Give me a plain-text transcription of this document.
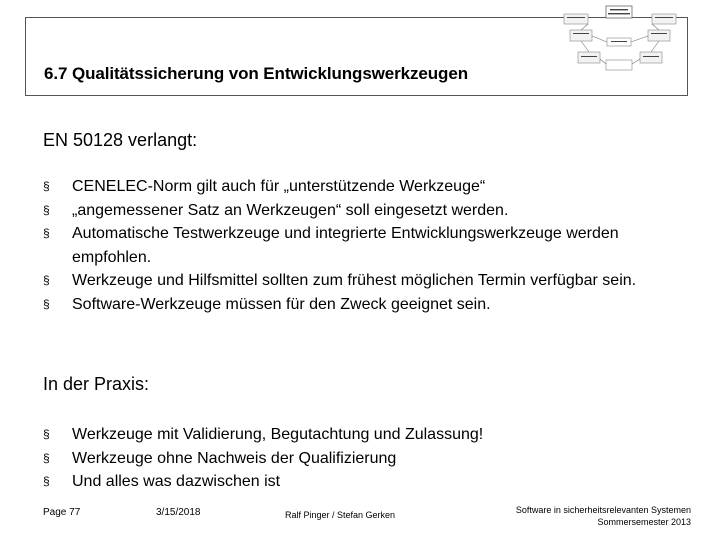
6.7 Qualitätssicherung von Entwicklungswerkzeugen
EN 50128 verlangt:
§ CENELEC-Norm gilt auch für „unterstützende Werkzeuge“
§ „angemessener Satz an Werkzeugen“ soll eingesetzt werden.
§ Automatische Testwerkzeuge und integrierte Entwicklungswerkzeuge werden empfohlen.
§ Werkzeuge und Hilfsmittel sollten zum frühest möglichen Termin verfügbar sein.
§ Software-Werkzeuge müssen für den Zweck geeignet sein.
In der Praxis:
§ Werkzeuge mit Validierung, Begutachtung und Zulassung!
§ Werkzeuge ohne Nachweis der Qualifizierung
§ Und alles was dazwischen ist
Page 77	3/15/2018	Ralf Pinger / Stefan Gerken	Software in sicherheitsrelevanten Systemen
Sommersemester 2013
